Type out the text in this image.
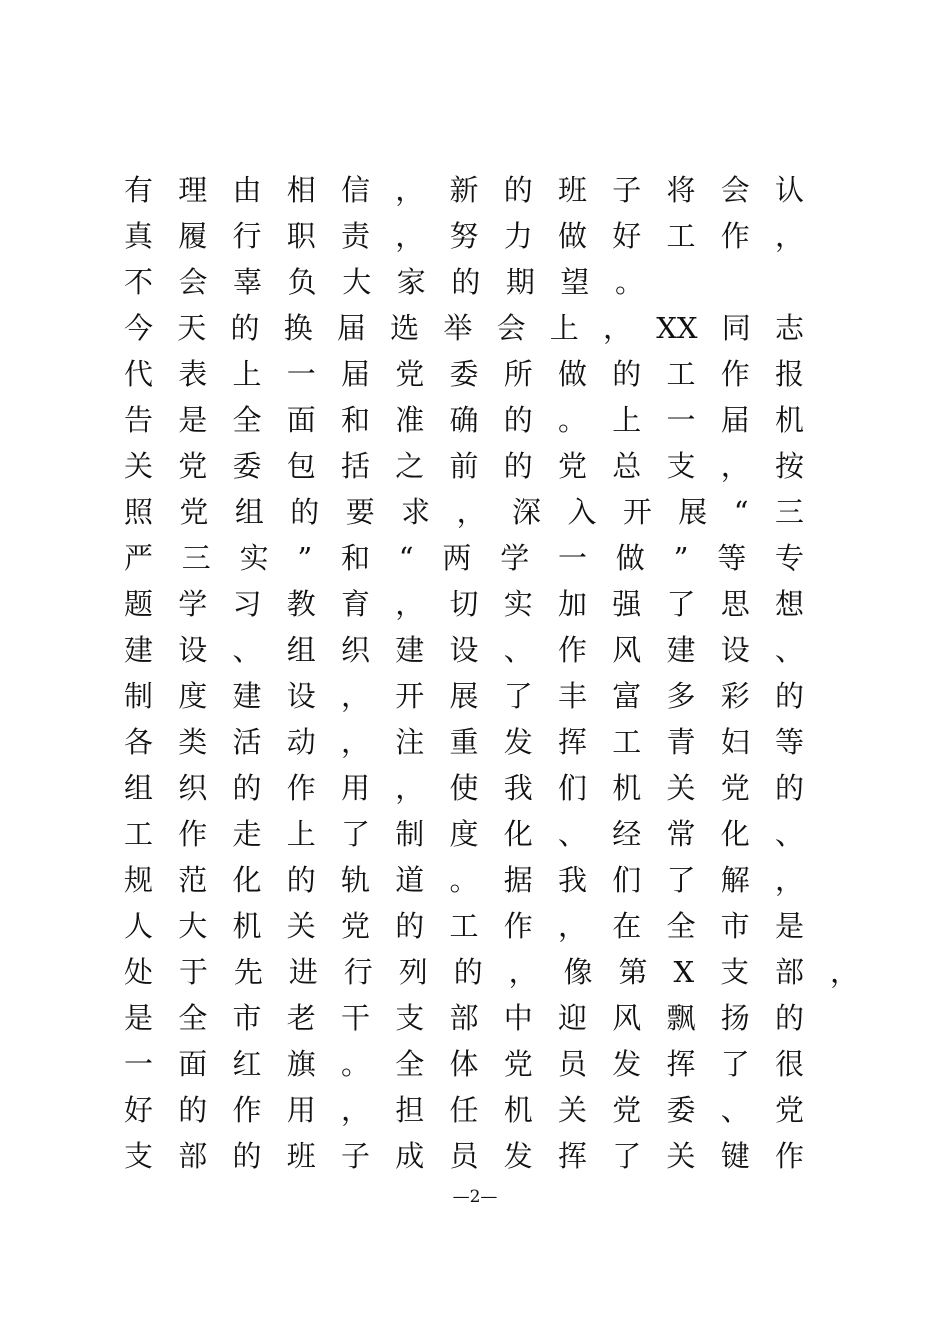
有理由相信，新的班子将会认
真履行职责，努力做好工作，
不会辜负大家的期望。
今天的换届选举会上，XX同志
代表上一届党委所做的工作报
告是全面和准确的。上一届机
关党委包括之前的党总支，按
照党组的要求，深入开展“三
严三实”和“两学一做”等专
题学习教育，切实加强了思想
建设、组织建设、作风建设、
制度建设，开展了丰富多彩的
各类活动，注重发挥工青妇等
组织的作用，使我们机关党的
工作走上了制度化、经常化、
规范化的轨道。据我们了解，
人大机关党的工作，在全市是
处于先进行列的，像第X支部，
是全市老干支部中迎风飘扬的
一面红旗。全体党员发挥了很
好的作用，担任机关党委、党
支部的班子成员发挥了关键作
—2—
